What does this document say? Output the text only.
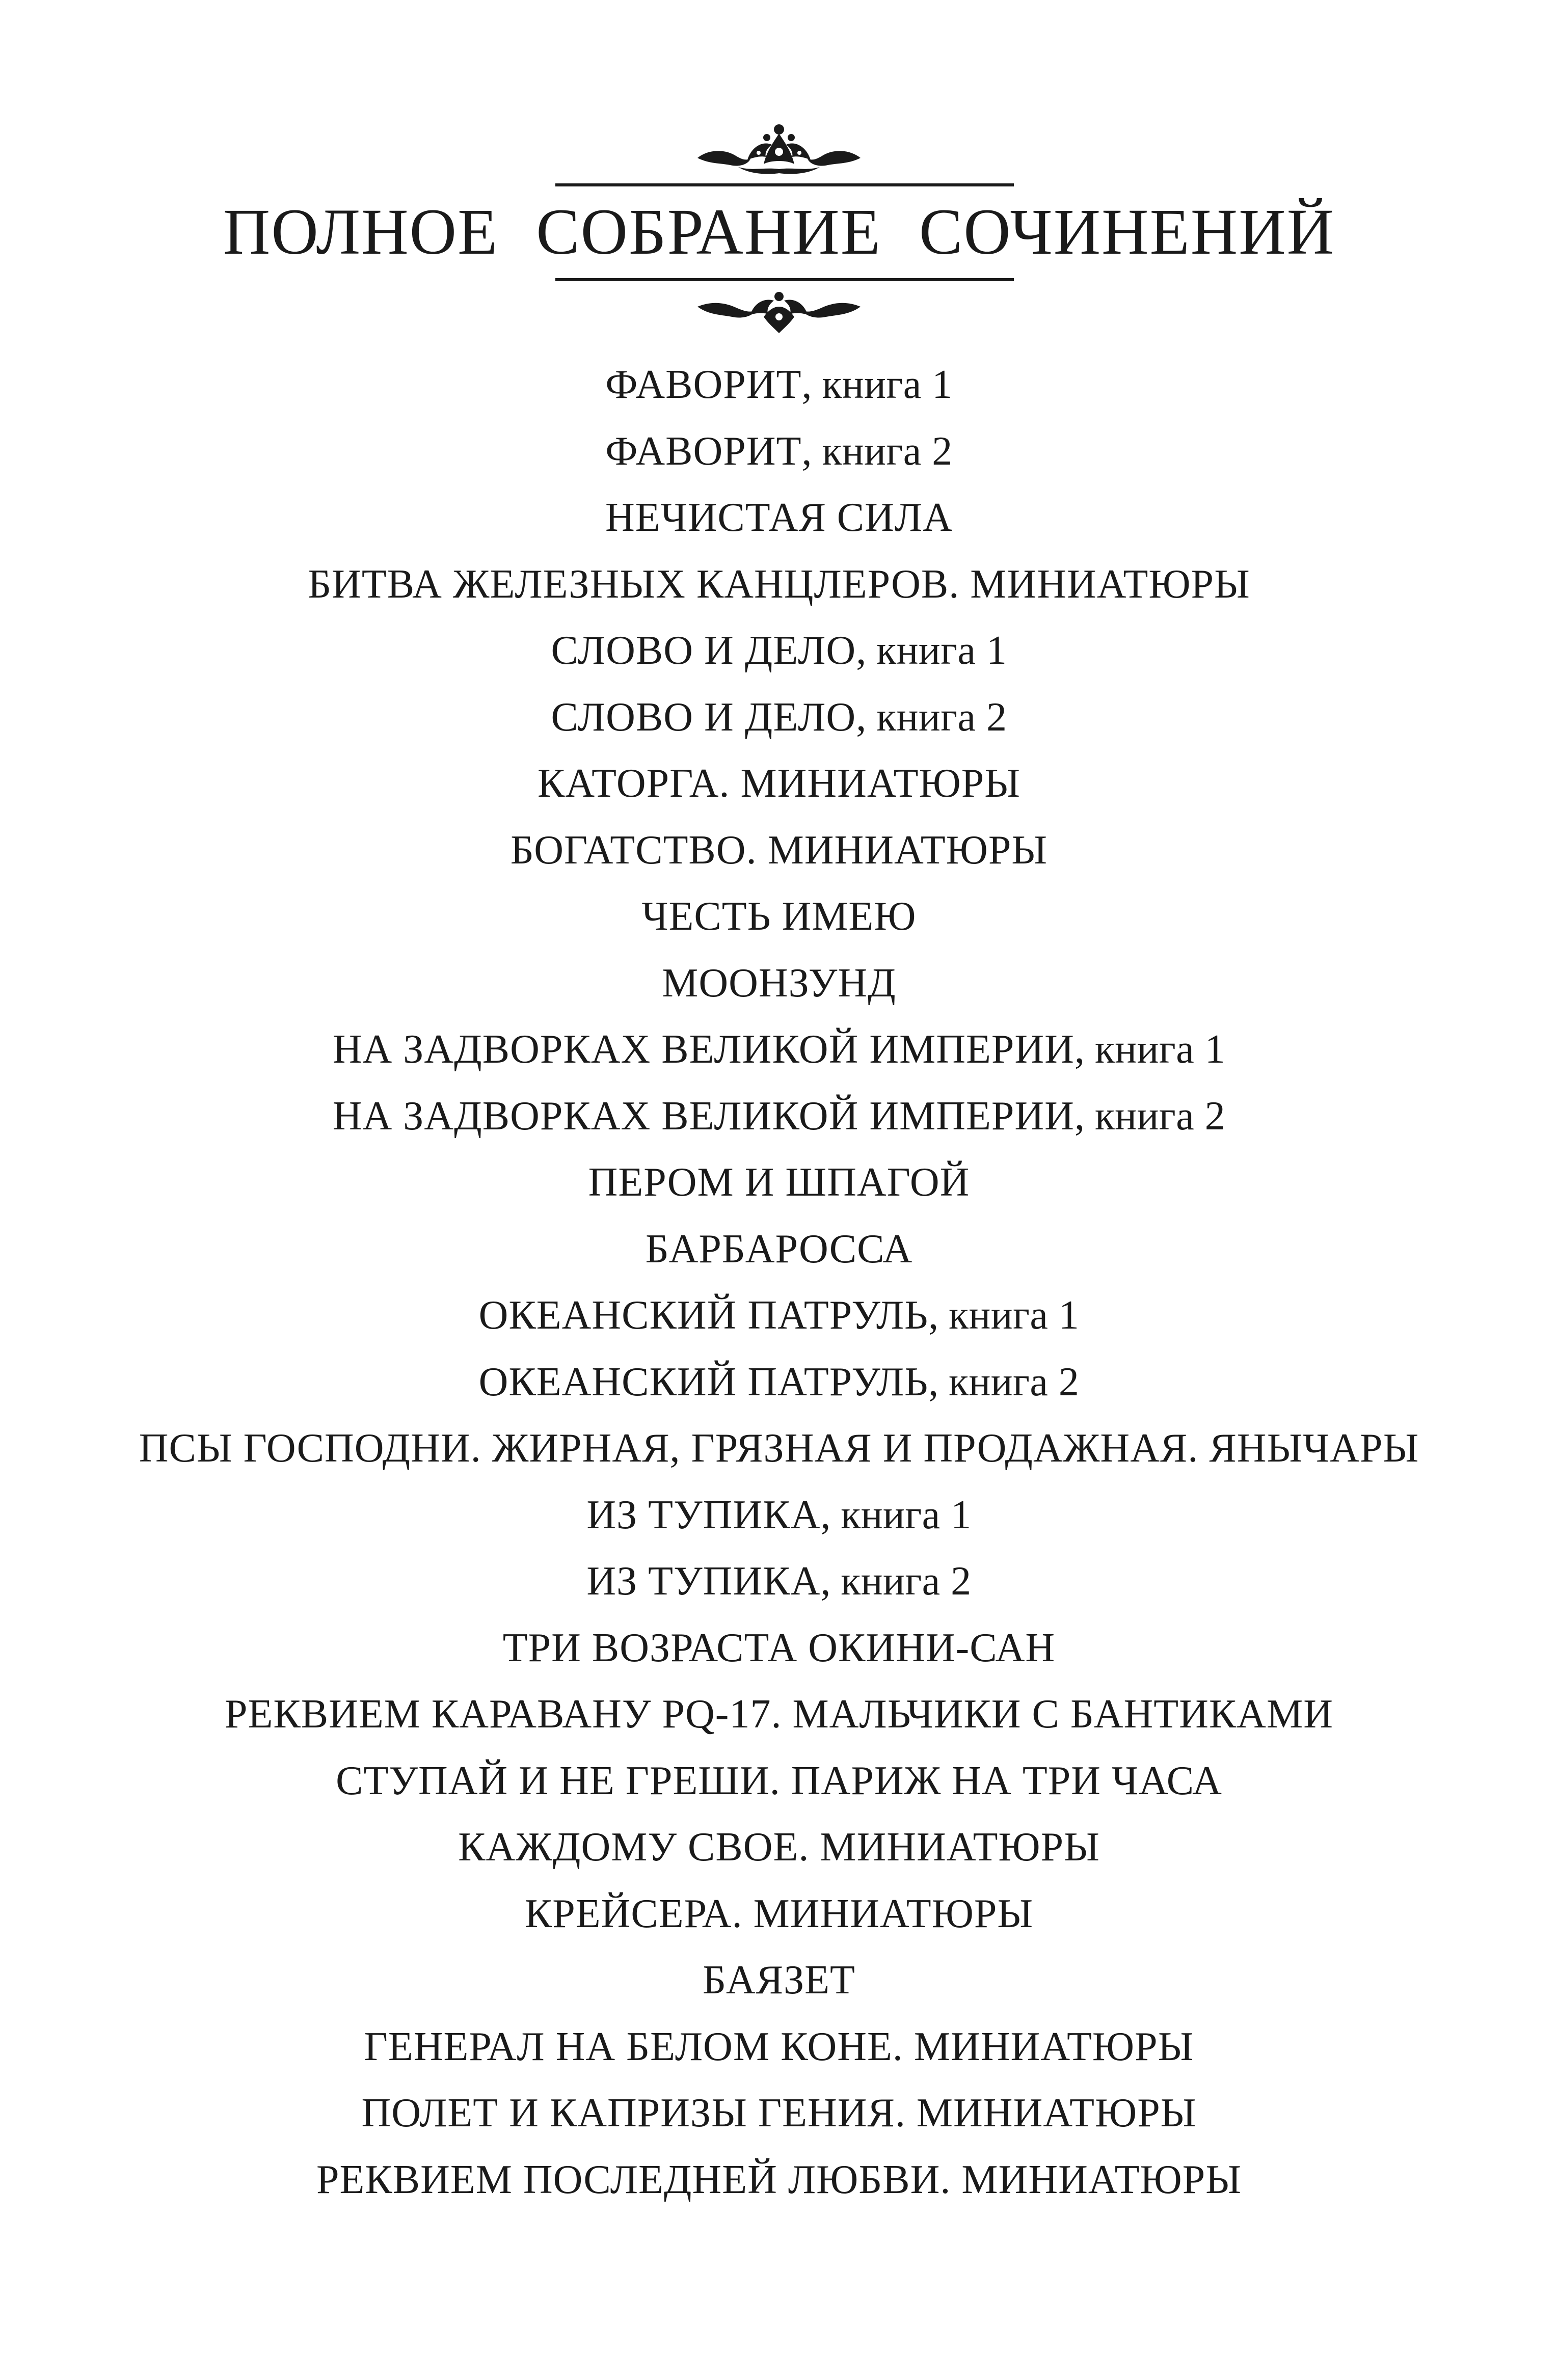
ПОЛНОЕ СОБРАНИЕ СОЧИНЕНИЙ
ФАВОРИТ, книга 1
ФАВОРИТ, книга 2
НЕЧИСТАЯ СИЛА
БИТВА ЖЕЛЕЗНЫХ КАНЦЛЕРОВ. МИНИАТЮРЫ
СЛОВО И ДЕЛО, книга 1
СЛОВО И ДЕЛО, книга 2
КАТОРГА. МИНИАТЮРЫ
БОГАТСТВО. МИНИАТЮРЫ
ЧЕСТЬ ИМЕЮ
МООНЗУНД
НА ЗАДВОРКАХ ВЕЛИКОЙ ИМПЕРИИ, книга 1
НА ЗАДВОРКАХ ВЕЛИКОЙ ИМПЕРИИ, книга 2
ПЕРОМ И ШПАГОЙ
БАРБАРОССА
ОКЕАНСКИЙ ПАТРУЛЬ, книга 1
ОКЕАНСКИЙ ПАТРУЛЬ, книга 2
ПСЫ ГОСПОДНИ. ЖИРНАЯ, ГРЯЗНАЯ И ПРОДАЖНАЯ. ЯНЫЧАРЫ
ИЗ ТУПИКА, книга 1
ИЗ ТУПИКА, книга 2
ТРИ ВОЗРАСТА ОКИНИ-САН
РЕКВИЕМ КАРАВАНУ PQ-17. МАЛЬЧИКИ С БАНТИКАМИ
СТУПАЙ И НЕ ГРЕШИ. ПАРИЖ НА ТРИ ЧАСА
КАЖДОМУ СВОЕ. МИНИАТЮРЫ
КРЕЙСЕРА. МИНИАТЮРЫ
БАЯЗЕТ
ГЕНЕРАЛ НА БЕЛОМ КОНЕ. МИНИАТЮРЫ
ПОЛЕТ И КАПРИЗЫ ГЕНИЯ. МИНИАТЮРЫ
РЕКВИЕМ ПОСЛЕДНЕЙ ЛЮБВИ. МИНИАТЮРЫ
